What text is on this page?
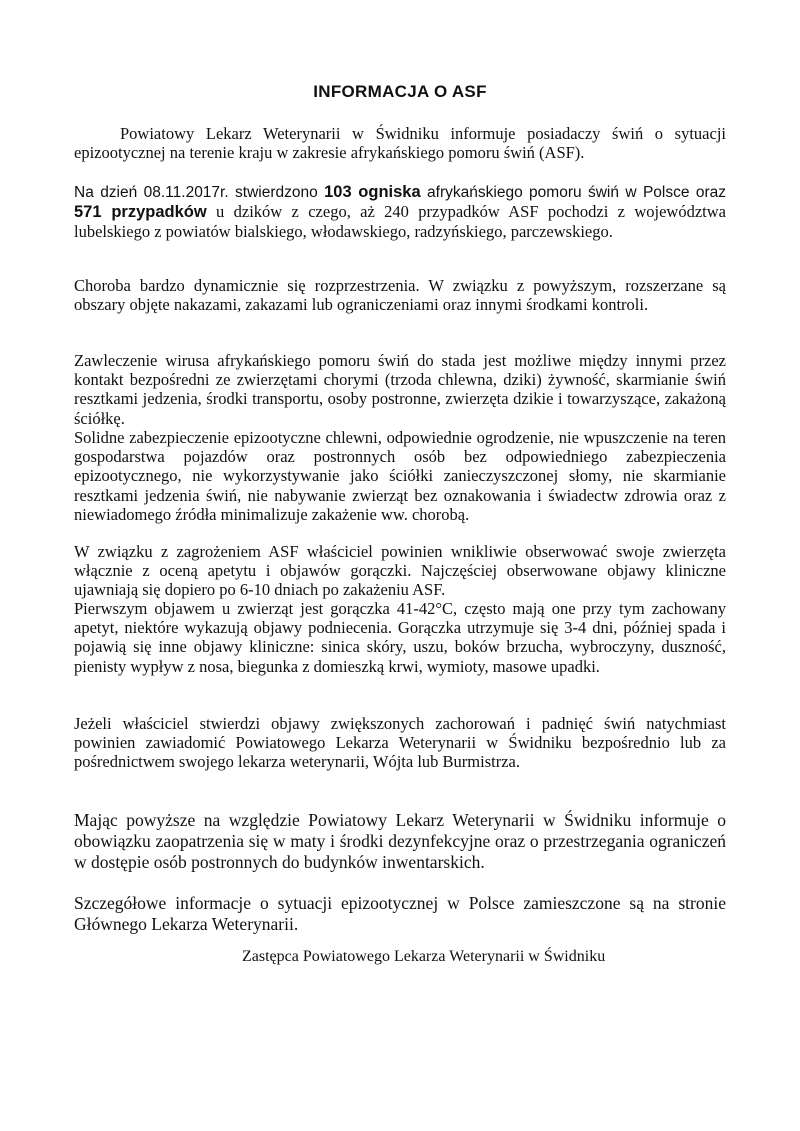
INFORMACJA O ASF

Powiatowy Lekarz Weterynarii w Świdniku informuje posiadaczy świń o sytuacji epizootycznej na terenie kraju w zakresie afrykańskiego pomoru świń (ASF).

Na dzień 08.11.2017r. stwierdzono 103 ogniska afrykańskiego pomoru świń w Polsce oraz 571 przypadków u dzików z czego, aż 240 przypadków ASF pochodzi z województwa lubelskiego z powiatów bialskiego, włodawskiego, radzyńskiego, parczewskiego.

Choroba bardzo dynamicznie się rozprzestrzenia. W związku z powyższym, rozszerzane są obszary objęte nakazami, zakazami lub ograniczeniami oraz innymi środkami kontroli.

Zawleczenie wirusa afrykańskiego pomoru świń do stada jest możliwe między innymi przez kontakt bezpośredni ze zwierzętami chorymi (trzoda chlewna, dziki) żywność, skarmianie świń resztkami jedzenia, środki transportu, osoby postronne, zwierzęta dzikie i towarzyszące, zakażoną ściółkę.

Solidne zabezpieczenie epizootyczne chlewni, odpowiednie ogrodzenie, nie wpuszczenie na teren gospodarstwa pojazdów oraz postronnych osób bez odpowiedniego zabezpieczenia epizootycznego, nie wykorzystywanie jako ściółki zanieczyszczonej słomy, nie skarmianie resztkami jedzenia świń, nie nabywanie zwierząt bez oznakowania i świadectw zdrowia oraz z niewiadomego źródła minimalizuje zakażenie ww. chorobą.

W związku z zagrożeniem ASF właściciel powinien wnikliwie obserwować swoje zwierzęta włącznie z oceną apetytu i objawów gorączki. Najczęściej obserwowane objawy kliniczne ujawniają się dopiero po 6-10 dniach po zakażeniu ASF.

Pierwszym objawem u zwierząt jest gorączka 41-42°C, często mają one przy tym zachowany apetyt, niektóre wykazują objawy podniecenia. Gorączka utrzymuje się 3-4 dni, później spada i pojawią się inne objawy kliniczne: sinica skóry, uszu, boków brzucha, wybroczyny, duszność, pienisty wypływ z nosa, biegunka z domieszką krwi, wymioty, masowe upadki.

Jeżeli właściciel stwierdzi objawy zwiększonych zachorowań i padnięć świń natychmiast powinien zawiadomić Powiatowego Lekarza Weterynarii w Świdniku bezpośrednio lub za pośrednictwem swojego lekarza weterynarii, Wójta lub Burmistrza.

Mając powyższe na względzie Powiatowy Lekarz Weterynarii w Świdniku informuje o obowiązku zaopatrzenia się w maty i środki dezynfekcyjne oraz o przestrzegania ograniczeń w dostępie osób postronnych do budynków inwentarskich.

Szczegółowe informacje o sytuacji epizootycznej w Polsce zamieszczone są na stronie Głównego Lekarza Weterynarii.

Zastępca Powiatowego Lekarza Weterynarii w Świdniku
